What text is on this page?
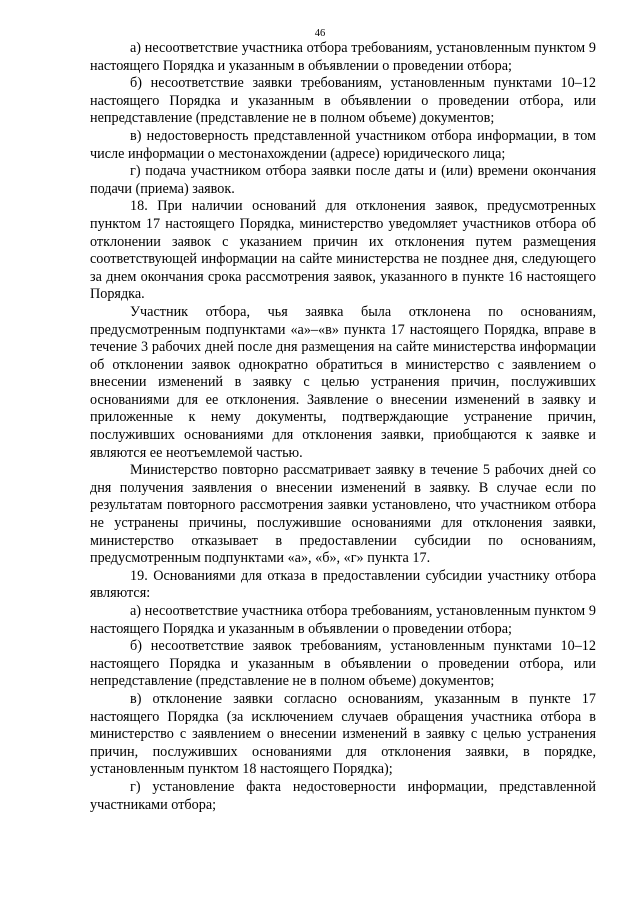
46

а) несоответствие участника отбора требованиям, установленным пунктом 9 настоящего Порядка и указанным в объявлении о проведении отбора;

б) несоответствие заявки требованиям, установленным пунктами 10–12 настоящего Порядка и указанным в объявлении о проведении отбора, или непредставление (представление не в полном объеме) документов;

в) недостоверность представленной участником отбора информации, в том числе информации о местонахождении (адресе) юридического лица;

г) подача участником отбора заявки после даты и (или) времени окончания подачи (приема) заявок.

18. При наличии оснований для отклонения заявок, предусмотренных пунктом 17 настоящего Порядка, министерство уведомляет участников отбора об отклонении заявок с указанием причин их отклонения путем размещения соответствующей информации на сайте министерства не позднее дня, следующего за днем окончания срока рассмотрения заявок, указанного в пункте 16 настоящего Порядка.

Участник отбора, чья заявка была отклонена по основаниям, предусмотренным подпунктами «а»–«в» пункта 17 настоящего Порядка, вправе в течение 3 рабочих дней после дня размещения на сайте министерства информации об отклонении заявок однократно обратиться в министерство с заявлением о внесении изменений в заявку с целью устранения причин, послуживших основаниями для ее отклонения. Заявление о внесении изменений в заявку и приложенные к нему документы, подтверждающие устранение причин, послуживших основаниями для отклонения заявки, приобщаются к заявке и являются ее неотъемлемой частью.

Министерство повторно рассматривает заявку в течение 5 рабочих дней со дня получения заявления о внесении изменений в заявку. В случае если по результатам повторного рассмотрения заявки установлено, что участником отбора не устранены причины, послужившие основаниями для отклонения заявки, министерство отказывает в предоставлении субсидии по основаниям, предусмотренным подпунктами «а», «б», «г» пункта 17.

19. Основаниями для отказа в предоставлении субсидии участнику отбора являются:

а) несоответствие участника отбора требованиям, установленным пунктом 9 настоящего Порядка и указанным в объявлении о проведении отбора;

б) несоответствие заявок требованиям, установленным пунктами 10–12 настоящего Порядка и указанным в объявлении о проведении отбора, или непредставление (представление не в полном объеме) документов;

в) отклонение заявки согласно основаниям, указанным в пункте 17 настоящего Порядка (за исключением случаев обращения участника отбора в министерство с заявлением о внесении изменений в заявку с целью устранения причин, послуживших основаниями для отклонения заявки, в порядке, установленным пунктом 18 настоящего Порядка);

г) установление факта недостоверности информации, представленной участниками отбора;
